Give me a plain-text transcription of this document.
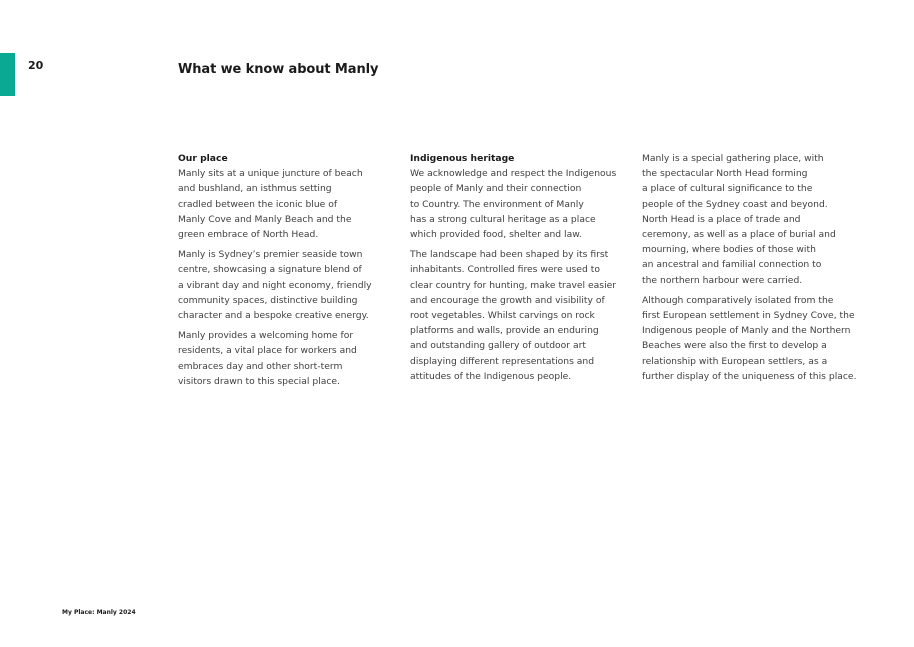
20	What we know about Manly
Our place

Manly sits at a unique juncture of beach
and bushland, an isthmus setting
cradled between the iconic blue of
Manly Cove and Manly Beach and the
green embrace of North Head.

Manly is Sydney’s premier seaside town
centre, showcasing a signature blend of
a vibrant day and night economy, friendly
community spaces, distinctive building
character and a bespoke creative energy.

Manly provides a welcoming home for
residents, a vital place for workers and
embraces day and other short-term
visitors drawn to this special place.

Indigenous heritage

We acknowledge and respect the Indigenous
people of Manly and their connection
to Country. The environment of Manly
has a strong cultural heritage as a place
which provided food, shelter and law.

The landscape had been shaped by its first
inhabitants. Controlled fires were used to
clear country for hunting, make travel easier
and encourage the growth and visibility of
root vegetables. Whilst carvings on rock
platforms and walls, provide an enduring
and outstanding gallery of outdoor art
displaying different representations and
attitudes of the Indigenous people.

Manly is a special gathering place, with
the spectacular North Head forming
a place of cultural significance to the
people of the Sydney coast and beyond.
North Head is a place of trade and
ceremony, as well as a place of burial and
mourning, where bodies of those with
an ancestral and familial connection to
the northern harbour were carried.

Although comparatively isolated from the
first European settlement in Sydney Cove, the
Indigenous people of Manly and the Northern
Beaches were also the first to develop a
relationship with European settlers, as a
further display of the uniqueness of this place.

My Place: Manly 2024
